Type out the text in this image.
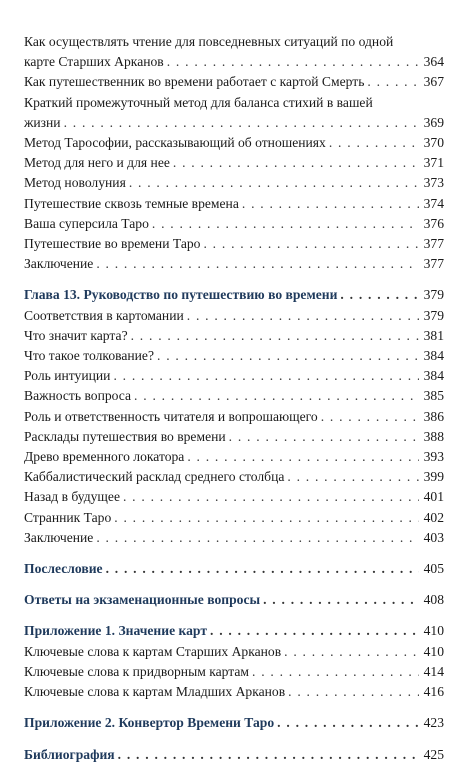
Как осуществлять чтение для повседневных ситуаций по одной
карте Старших Арканов . . .	364
Как путешественник во времени работает с картой Смерть . . .	367
Краткий промежуточный метод для баланса стихий в вашей
жизни . . .	369
Метод Тарософии, рассказывающий об отношениях . . .	370
Метод для него и для нее . . .	371
Метод новолуния . . .	373
Путешествие сквозь темные времена . . .	374
Ваша суперсила Таро . . .	376
Путешествие во времени Таро . . .	377
Заключение . . .	377
Глава 13. Руководство по путешествию во времени . . .	379
Соответствия в картомании . . .	379
Что значит карта? . . .	381
Что такое толкование? . . .	384
Роль интуиции . . .	384
Важность вопроса . . .	385
Роль и ответственность читателя и вопрошающего . . .	386
Расклады путешествия во времени . . .	388
Древо временного локатора . . .	393
Каббалистический расклад среднего столбца . . .	399
Назад в будущее . . .	401
Странник Таро . . .	402
Заключение . . .	403
Послесловие . . .	405
Ответы на экзаменационные вопросы . . .	408
Приложение 1. Значение карт . . .	410
Ключевые слова к картам Старших Арканов . . .	410
Ключевые слова к придворным картам . . .	414
Ключевые слова к картам Младших Арканов . . .	416
Приложение 2. Конвертор Времени Таро . . .	423
Библиография . . .	425
